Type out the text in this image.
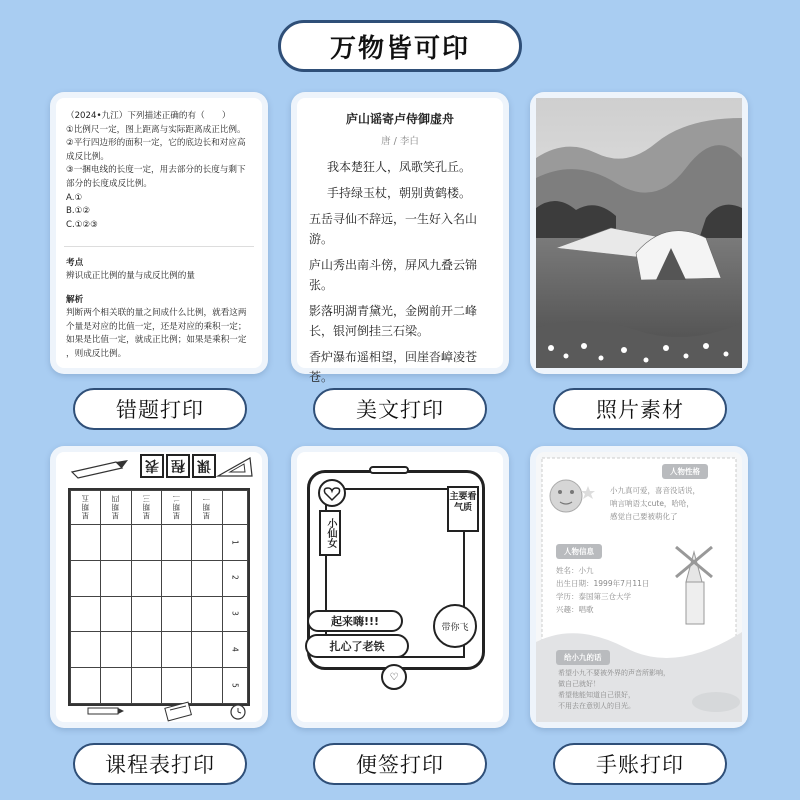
万物皆可印
（2024•九江）下列描述正确的有（　　）
①比例尺一定，图上距离与实际距离成正比例。
②平行四边形的面积一定，它的底边长和对应高
成反比例。
③一捆电线的长度一定，用去部分的长度与剩下
部分的长度成反比例。
A.①
B.①②
C.①②③
考点
辨识成正比例的量与成反比例的量
解析
判断两个相关联的量之间成什么比例，就看这两
个量是对应的比值一定，还是对应的乘积一定；
如果是比值一定，就成正比例；如果是乘积一定
，则成反比例。
错题打印
庐山谣寄卢侍御虚舟
唐 / 李白
我本楚狂人，凤歌笑孔丘。
手持绿玉杖，朝别黄鹤楼。
五岳寻仙不辞远，一生好入名山游。
庐山秀出南斗傍，屏风九叠云锦张。
影落明湖青黛光，金阙前开二峰长，银河倒挂三石梁。
香炉瀑布遥相望，回崖沓嶂凌苍苍。
美文打印	照片素材
表 程 课
星期五	星期四	星期三	星期二	星期一	
					1
					2
					3
					4
					5
课程表打印
小仙女
主要看气质
起来嗨!!!
扎心了老铁
带你飞
♡
便签打印
人物性格
小九真可爱，喜音没话说，
呐言呐语太cute，哈哈，
感觉自己要被萌化了
人物信息
姓名：小九
出生日期：1999年7月11日
学历：泰国第三仓大学
兴趣：唱歌
给小九的话
希望小九不要被外界的声音所影响，
做自己就好！
希望他能知道自己很好，
不用去在意别人的目光。
手账打印
